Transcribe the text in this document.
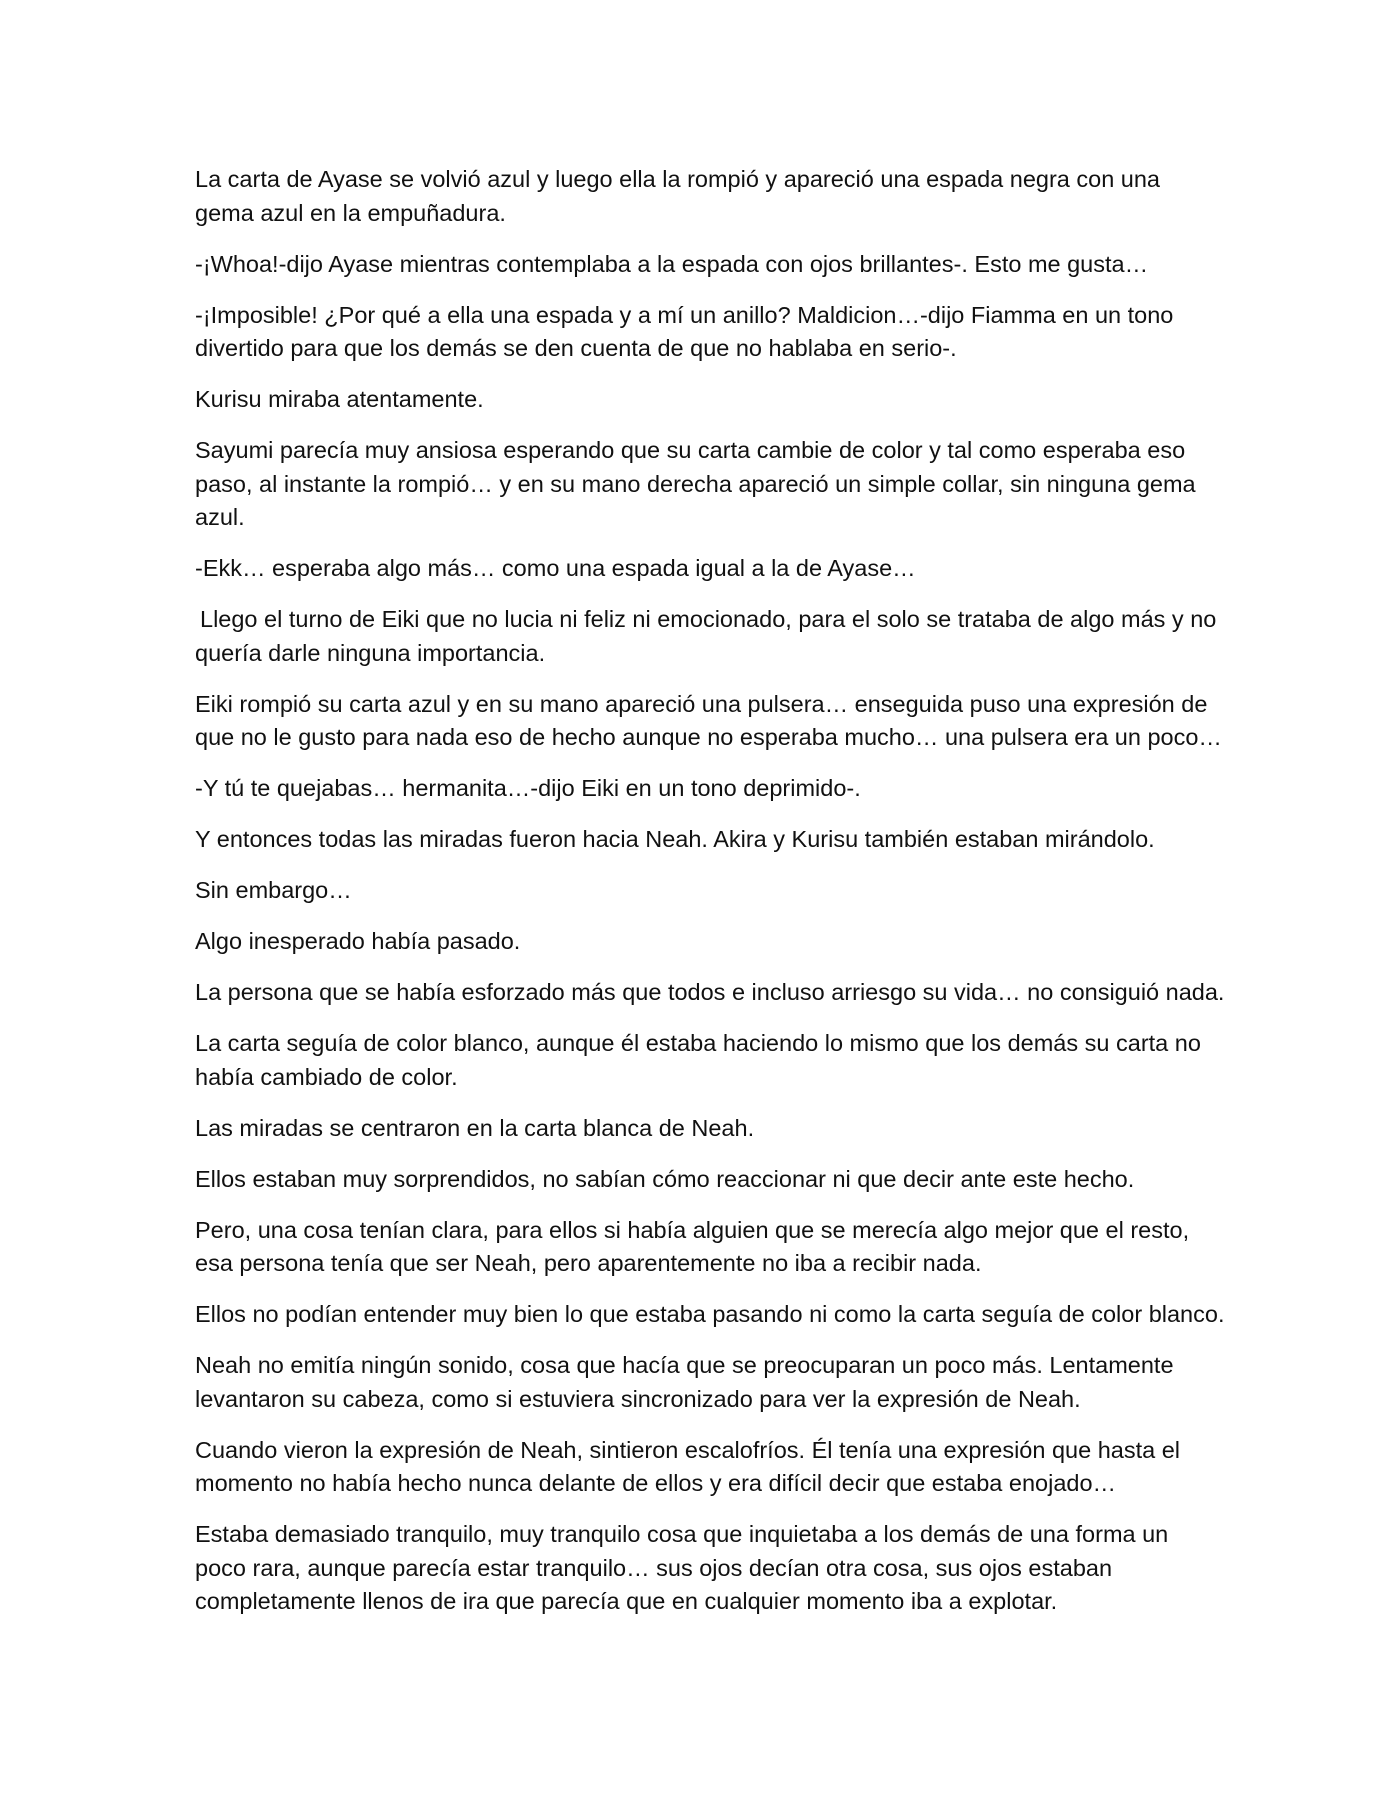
La carta de Ayase se volvió azul y luego ella la rompió y apareció una espada negra con una gema azul en la empuñadura.

-¡Whoa!-dijo Ayase mientras contemplaba a la espada con ojos brillantes-. Esto me gusta…

-¡Imposible! ¿Por qué a ella una espada y a mí un anillo? Maldicion…-dijo Fiamma en un tono divertido para que los demás se den cuenta de que no hablaba en serio-.

Kurisu miraba atentamente.

Sayumi parecía muy ansiosa esperando que su carta cambie de color y tal como esperaba eso paso, al instante la rompió… y en su mano derecha apareció un simple collar, sin ninguna gema azul.

-Ekk… esperaba algo más… como una espada igual a la de Ayase…

Llego el turno de Eiki que no lucia ni feliz ni emocionado, para el solo se trataba de algo más y no quería darle ninguna importancia.

Eiki rompió su carta azul y en su mano apareció una pulsera… enseguida puso una expresión de que no le gusto para nada eso de hecho aunque no esperaba mucho… una pulsera era un poco…

-Y tú te quejabas… hermanita…-dijo Eiki en un tono deprimido-.

Y entonces todas las miradas fueron hacia Neah. Akira y Kurisu también estaban mirándolo.

Sin embargo…

Algo inesperado había pasado.

La persona que se había esforzado más que todos e incluso arriesgo su vida… no consiguió nada.

La carta seguía de color blanco, aunque él estaba haciendo lo mismo que los demás su carta no había cambiado de color.

Las miradas se centraron en la carta blanca de Neah.

Ellos estaban muy sorprendidos, no sabían cómo reaccionar ni que decir ante este hecho.

Pero, una cosa tenían clara, para ellos si había alguien que se merecía algo mejor que el resto, esa persona tenía que ser Neah, pero aparentemente no iba a recibir nada.

Ellos no podían entender muy bien lo que estaba pasando ni como la carta seguía de color blanco.

Neah no emitía ningún sonido, cosa que hacía que se preocuparan un poco más. Lentamente levantaron su cabeza, como si estuviera sincronizado para ver la expresión de Neah.

Cuando vieron la expresión de Neah, sintieron escalofríos. Él tenía una expresión que hasta el momento no había hecho nunca delante de ellos y era difícil decir que estaba enojado…

Estaba demasiado tranquilo, muy tranquilo cosa que inquietaba a los demás de una forma un poco rara, aunque parecía estar tranquilo… sus ojos decían otra cosa, sus ojos estaban completamente llenos de ira que parecía que en cualquier momento iba a explotar.
